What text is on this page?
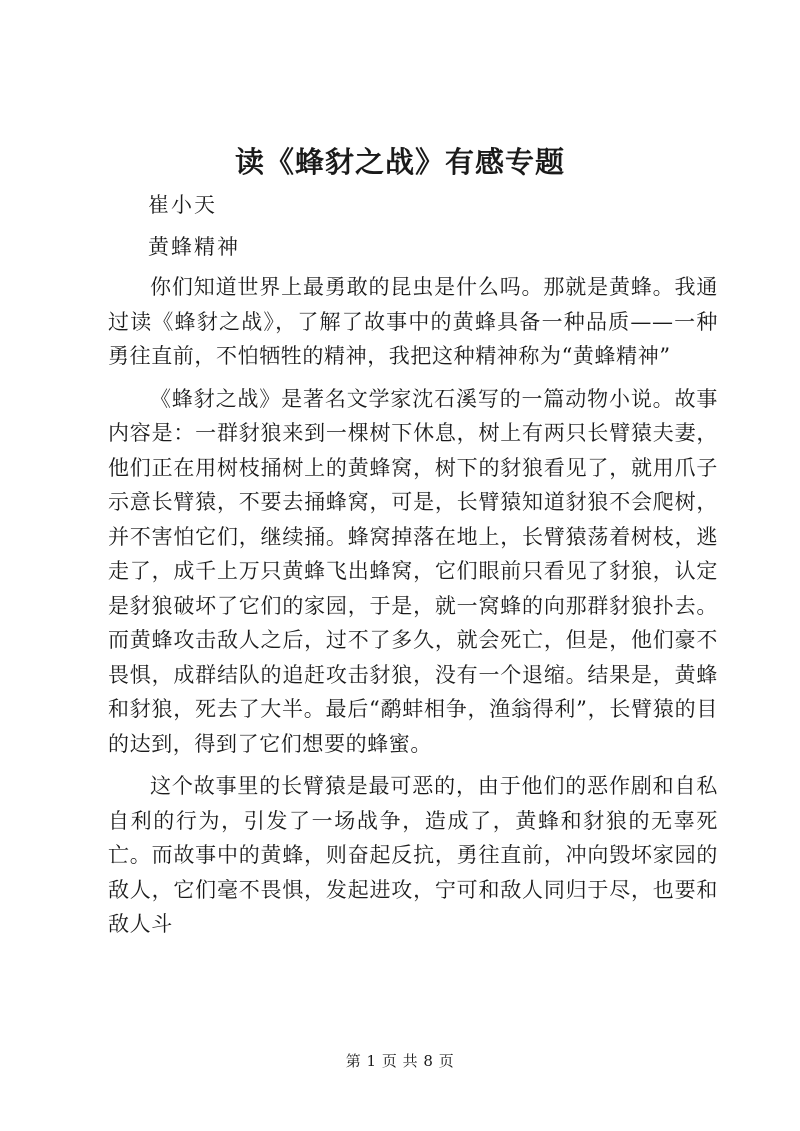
读《蜂豺之战》有感专题
崔小天
黄蜂精神

你们知道世界上最勇敢的昆虫是什么吗。那就是黄蜂。我通过读《蜂豺之战》，了解了故事中的黄蜂具备一种品质——一种勇往直前，不怕牺牲的精神，我把这种精神称为“黄蜂精神”

《蜂豺之战》是著名文学家沈石溪写的一篇动物小说。故事内容是：一群豺狼来到一棵树下休息，树上有两只长臂猿夫妻，他们正在用树枝捅树上的黄蜂窝，树下的豺狼看见了，就用爪子示意长臂猿，不要去捅蜂窝，可是，长臂猿知道豺狼不会爬树，并不害怕它们，继续捅。蜂窝掉落在地上，长臂猿荡着树枝，逃走了，成千上万只黄蜂飞出蜂窝，它们眼前只看见了豺狼，认定是豺狼破坏了它们的家园，于是，就一窝蜂的向那群豺狼扑去。而黄蜂攻击敌人之后，过不了多久，就会死亡，但是，他们豪不畏惧，成群结队的追赶攻击豺狼，没有一个退缩。结果是，黄蜂和豺狼，死去了大半。最后“鹬蚌相争，渔翁得利”，长臂猿的目的达到，得到了它们想要的蜂蜜。

这个故事里的长臂猿是最可恶的，由于他们的恶作剧和自私自利的行为，引发了一场战争，造成了，黄蜂和豺狼的无辜死亡。而故事中的黄蜂，则奋起反抗，勇往直前，冲向毁坏家园的敌人，它们毫不畏惧，发起进攻，宁可和敌人同归于尽，也要和敌人斗

第 1 页 共 8 页
